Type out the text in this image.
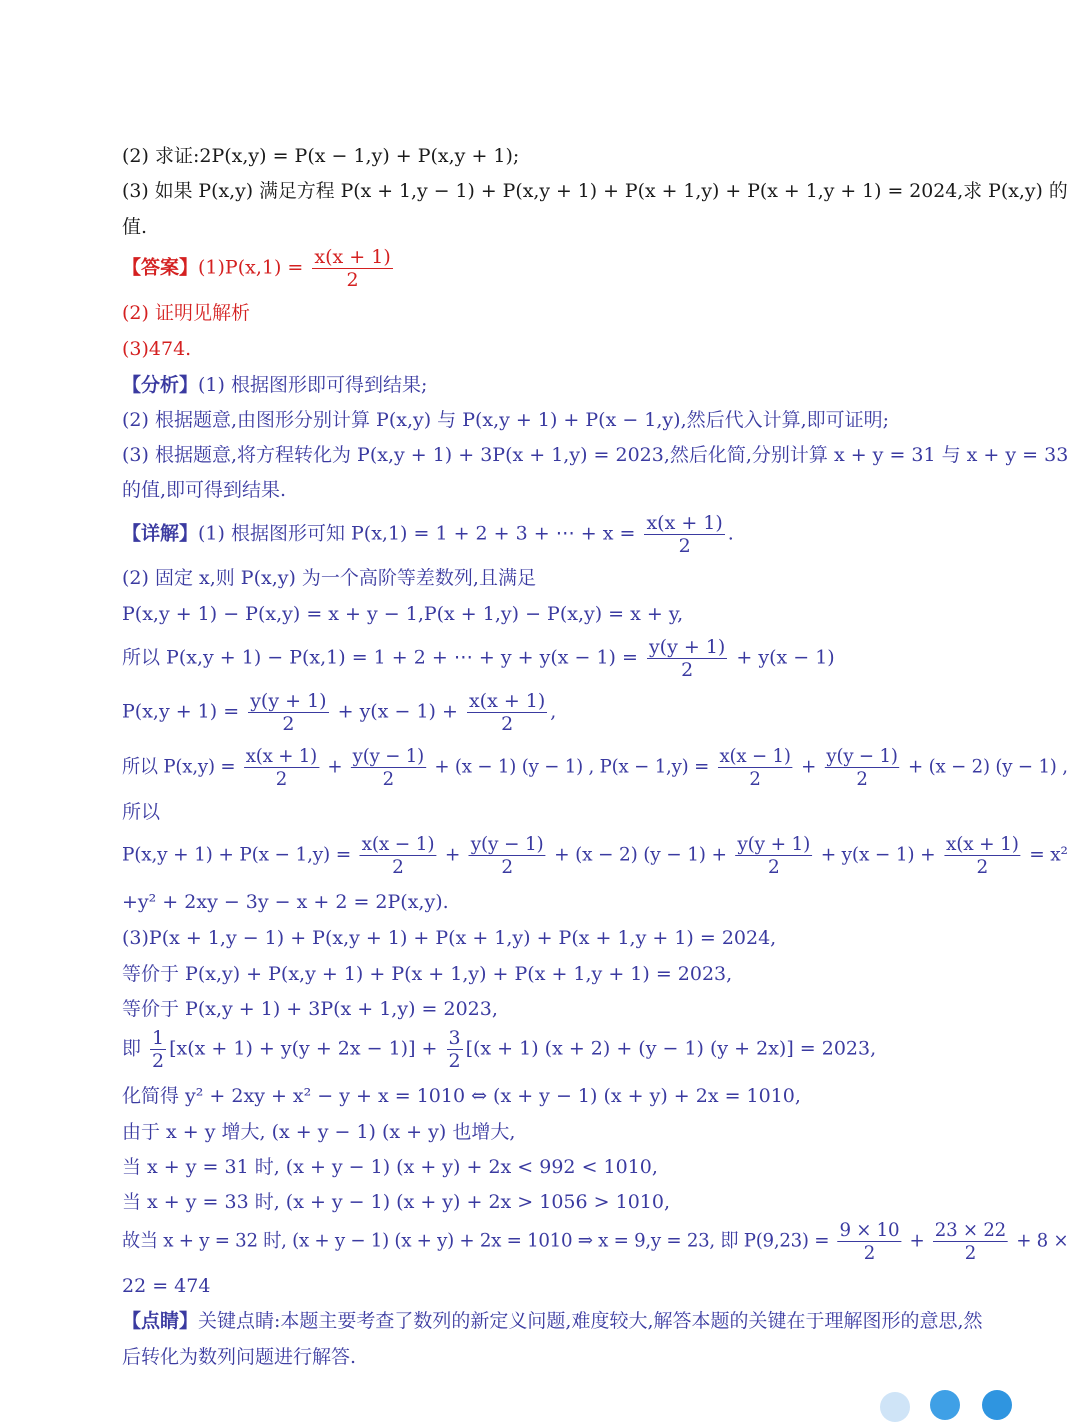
(2) 求证:2P(x,y) = P(x − 1,y) + P(x,y + 1);
(3) 如果 P(x,y) 满足方程 P(x + 1,y − 1) + P(x,y + 1) + P(x + 1,y) + P(x + 1,y + 1) = 2024,求 P(x,y) 的
值.
【答案】$(1)P(x,1) = \frac{x(x + 1)}{2}$
(2) 证明见解析
(3)474.
【分析】(1) 根据图形即可得到结果;
(2) 根据题意,由图形分别计算 P(x,y) 与 P(x,y + 1) + P(x − 1,y),然后代入计算,即可证明;
(3) 根据题意,将方程转化为 P(x,y + 1) + 3P(x + 1,y) = 2023,然后化简,分别计算 x + y = 31 与 x + y = 33
的值,即可得到结果.
【详解】(1) 根据图形可知 P(x,1) = 1 + 2 + 3 + ⋯ + $x = \frac{x(x + 1)}{2}$ .
(2) 固定 x,则 P(x,y) 为一个高阶等差数列,且满足
P(x,y + 1) − P(x,y) = x + y − 1,P(x + 1,y) − P(x,y) = x + y,
所以 P(x,y + 1) − P(x,1) = 1 + 2 + ⋯ + $y + y(x - 1) = \frac{y(y + 1)}{2} + y(x - 1)$
$P(x,y + 1) = \frac{y(y + 1)}{2} + y(x - 1) + \frac{x(x + 1)}{2}$ ,
所以 $P(x,y) = \frac{x(x + 1)}{2} + \frac{y(y - 1)}{2} + (x - 1) (y - 1)$ , $P(x - 1,y) = \frac{x(x - 1)}{2} + \frac{y(y - 1)}{2} + (x - 2) (y - 1)$ ,
所以
$P(x,y + 1) + P(x - 1,y) = \frac{x(x - 1)}{2} + \frac{y(y - 1)}{2} + (x - 2) (y - 1) + \frac{y(y + 1)}{2} + y(x - 1) + \frac{x(x + 1)}{2} = x^2$
+y² + 2xy − 3y − x + 2 = 2P(x,y).
(3)P(x + 1,y − 1) + P(x,y + 1) + P(x + 1,y) + P(x + 1,y + 1) = 2024,
等价于 P(x,y) + P(x,y + 1) + P(x + 1,y) + P(x + 1,y + 1) = 2023,
等价于 P(x,y + 1) + 3P(x + 1,y) = 2023,
即 $\frac{1}{2} [x(x + 1) + y(y + 2x - 1)] + \frac{3}{2} [(x + 1) (x + 2) + (y - 1) (y + 2x)] = 2023$,
化简得 y² + 2xy + x² − y + x = 1010 ⇔ (x + y − 1) (x + y) + 2x = 1010,
由于 x + y 增大, (x + y − 1) (x + y) 也增大,
当 x + y = 31 时, (x + y − 1) (x + y) + 2x < 992 < 1010,
当 x + y = 33 时, (x + y − 1) (x + y) + 2x > 1056 > 1010,
故当 x + y = 32 时, (x + y − 1) (x + y) + 2x = 1010 ⇒ x = 9,y = 23, 即 $P(9,23) = \frac{9 \times 10}{2} + \frac{23 \times 22}{2} + 8$ ×
22 = 474
【点睛】关键点睛:本题主要考查了数列的新定义问题,难度较大,解答本题的关键在于理解图形的意思,然
后转化为数列问题进行解答.
